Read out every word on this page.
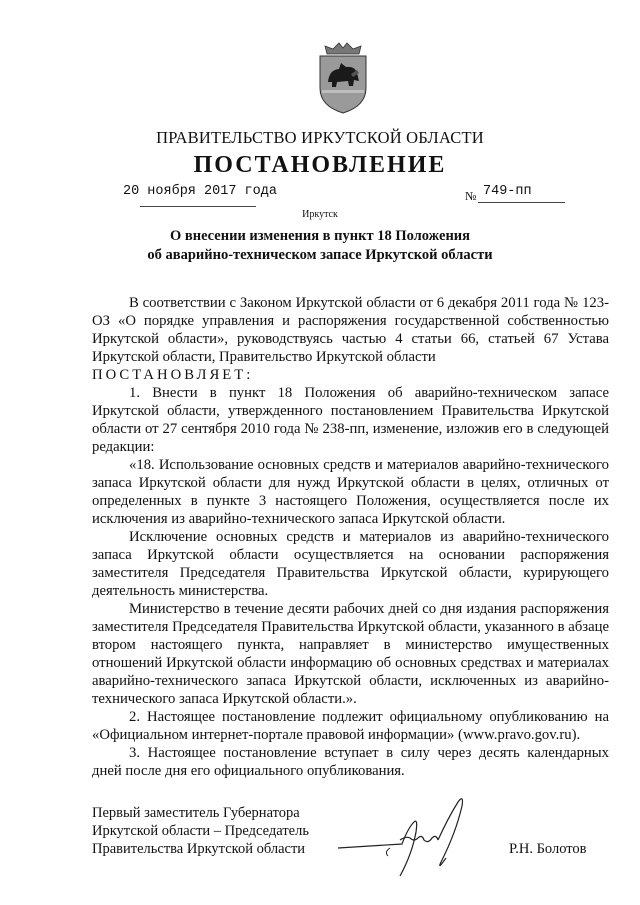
ПРАВИТЕЛЬСТВО ИРКУТСКОЙ ОБЛАСТИ
ПОСТАНОВЛЕНИЕ
20 ноября 2017 года	№ 749-пп
Иркутск
О внесении изменения в пункт 18 Положения
об аварийно-техническом запасе Иркутской области

В соответствии с Законом Иркутской области от 6 декабря 2011 года № 123-ОЗ «О порядке управления и распоряжения государственной собственностью Иркутской области», руководствуясь частью 4 статьи 66, статьей 67 Устава Иркутской области, Правительство Иркутской области

ПОСТАНОВЛЯЕТ:

1. Внести в пункт 18 Положения об аварийно-техническом запасе Иркутской области, утвержденного постановлением Правительства Иркутской области от 27 сентября 2010 года № 238-пп, изменение, изложив его в следующей редакции:

«18. Использование основных средств и материалов аварийно-технического запаса Иркутской области для нужд Иркутской области в целях, отличных от определенных в пункте 3 настоящего Положения, осуществляется после их исключения из аварийно-технического запаса Иркутской области.

Исключение основных средств и материалов из аварийно-технического запаса Иркутской области осуществляется на основании распоряжения заместителя Председателя Правительства Иркутской области, курирующего деятельность министерства.

Министерство в течение десяти рабочих дней со дня издания распоряжения заместителя Председателя Правительства Иркутской области, указанного в абзаце втором настоящего пункта, направляет в министерство имущественных отношений Иркутской области информацию об основных средствах и материалах аварийно-технического запаса Иркутской области, исключенных из аварийно-технического запаса Иркутской области.».

2. Настоящее постановление подлежит официальному опубликованию на «Официальном интернет-портале правовой информации» (www.pravo.gov.ru).

3. Настоящее постановление вступает в силу через десять календарных дней после дня его официального опубликования.

Первый заместитель Губернатора
Иркутской области – Председатель
Правительства Иркутской области	Р.Н. Болотов
